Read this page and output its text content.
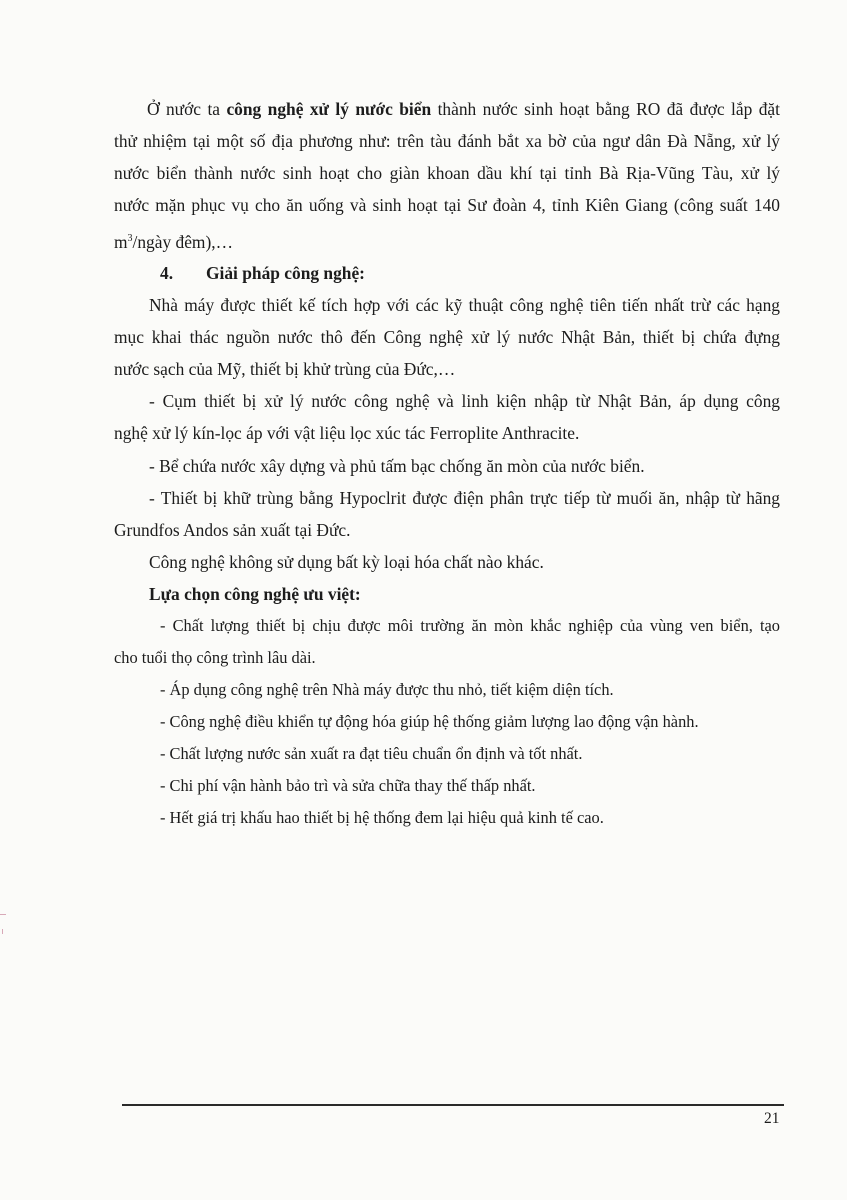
Ở nước ta công nghệ xử lý nước biển thành nước sinh hoạt bằng RO đã được lắp đặt
thử nhiệm tại một số địa phương như: trên tàu đánh bắt xa bờ của ngư dân Đà Nẵng, xử lý
nước biển thành nước sinh hoạt cho giàn khoan dầu khí tại tỉnh Bà Rịa-Vũng Tàu, xử lý
nước mặn phục vụ cho ăn uống và sinh hoạt tại Sư đoàn 4, tỉnh Kiên Giang (công suất 140
$m^3$/ngày đêm),…
4. Giải pháp công nghệ:
Nhà máy được thiết kế tích hợp với các kỹ thuật công nghệ tiên tiến nhất trừ các hạng
mục khai thác nguồn nước thô đến Công nghệ xử lý nước Nhật Bản, thiết bị chứa đựng
nước sạch của Mỹ, thiết bị khử trùng của Đức,…
- Cụm thiết bị xử lý nước công nghệ và linh kiện nhập từ Nhật Bản, áp dụng công
nghệ xử lý kín-lọc áp với vật liệu lọc xúc tác Ferroplite Anthracite.
- Bể chứa nước xây dựng và phủ tấm bạc chống ăn mòn của nước biển.
- Thiết bị khữ trùng bằng Hypoclrit được điện phân trực tiếp từ muối ăn, nhập từ hãng
Grundfos Andos sản xuất tại Đức.
Công nghệ không sử dụng bất kỳ loại hóa chất nào khác.
Lựa chọn công nghệ ưu việt:
- Chất lượng thiết bị chịu được môi trường ăn mòn khắc nghiệp của vùng ven biển, tạo
cho tuổi thọ công trình lâu dài.
- Áp dụng công nghệ trên Nhà máy được thu nhỏ, tiết kiệm diện tích.
- Công nghệ điều khiển tự động hóa giúp hệ thống giảm lượng lao động vận hành.
- Chất lượng nước sản xuất ra đạt tiêu chuẩn ổn định và tốt nhất.
- Chi phí vận hành bảo trì và sửa chữa thay thế thấp nhất.
- Hết giá trị khấu hao thiết bị hệ thống đem lại hiệu quả kinh tế cao.
21
